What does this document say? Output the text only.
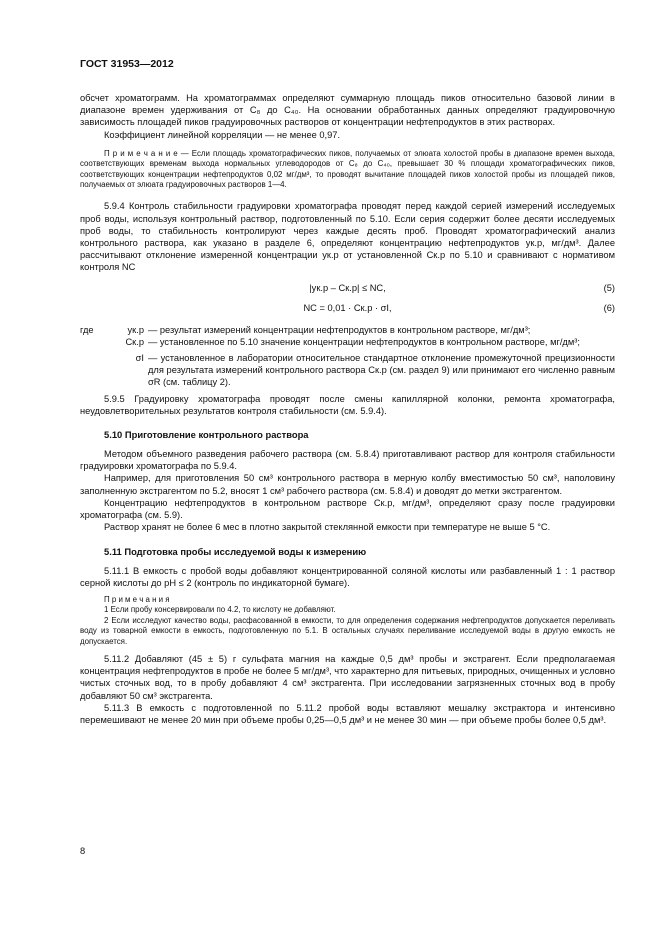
ГОСТ 31953—2012

обсчет хроматограмм. На хроматограммах определяют суммарную площадь пиков относительно базовой линии в диапазоне времен удерживания от C₈ до C₄₀. На основании обработанных данных определяют градуировочную зависимость площадей пиков градуировочных растворов от концентрации нефтепродуктов в этих растворах.

Коэффициент линейной корреляции — не менее 0,97.

П р и м е ч а н и е — Если площадь хроматографических пиков, получаемых от элюата холостой пробы в диапазоне времен выхода, соответствующих временам выхода нормальных углеводородов от C₈ до C₄₀, превышает 30 % площади хроматографических пиков, соответствующих концентрации нефтепродуктов 0,02 мг/дм³, то проводят вычитание площадей пиков холостой пробы из площадей пиков, получаемых от элюата градуировочных растворов 1—4.

5.9.4 Контроль стабильности градуировки хроматографа проводят перед каждой серией измерений исследуемых проб воды, используя контрольный раствор, подготовленный по 5.10. Если серия содержит более десяти исследуемых проб воды, то стабильность контролируют через каждые десять проб. Проводят хроматографический анализ контрольного раствора, как указано в разделе 6, определяют концентрацию нефтепродуктов yк.р, мг/дм³. Далее рассчитывают отклонение измеренной концентрации yк.р от установленной Cк.р по 5.10 и сравнивают с нормативом контроля NC

|yк.р – Cк.р| ≤ NC,	(5)
NC = 0,01 · Cк.р · σI,	(6)
где	yк.р — результат измерений концентрации нефтепродуктов в контрольном растворе, мг/дм³;
Cк.р — установленное по 5.10 значение концентрации нефтепродуктов в контрольном растворе, мг/дм³;
σI — установленное в лаборатории относительное стандартное отклонение промежуточной прецизионности для результата измерений контрольного раствора Cк.р (см. раздел 9) или принимают его численно равным σR (см. таблицу 2).

5.9.5 Градуировку хроматографа проводят после смены капиллярной колонки, ремонта хроматографа, неудовлетворительных результатов контроля стабильности (см. 5.9.4).

5.10 Приготовление контрольного раствора

Методом объемного разведения рабочего раствора (см. 5.8.4) приготавливают раствор для контроля стабильности градуировки хроматографа по 5.9.4.

Например, для приготовления 50 см³ контрольного раствора в мерную колбу вместимостью 50 см³, наполовину заполненную экстрагентом по 5.2, вносят 1 см³ рабочего раствора (см. 5.8.4) и доводят до метки экстрагентом.

Концентрацию нефтепродуктов в контрольном растворе Cк.р, мг/дм³, определяют сразу после градуировки хроматографа (см. 5.9).

Раствор хранят не более 6 мес в плотно закрытой стеклянной емкости при температуре не выше 5 °C.

5.11 Подготовка пробы исследуемой воды к измерению

5.11.1 В емкость с пробой воды добавляют концентрированной соляной кислоты или разбавленный 1 : 1 раствор серной кислоты до pH ≤ 2 (контроль по индикаторной бумаге).

П р и м е ч а н и я

1 Если пробу консервировали по 4.2, то кислоту не добавляют.

2 Если исследуют качество воды, расфасованной в емкости, то для определения содержания нефтепродуктов допускается переливать воду из товарной емкости в емкость, подготовленную по 5.1. В остальных случаях переливание исследуемой воды в другую емкость не допускается.

5.11.2 Добавляют (45 ± 5) г сульфата магния на каждые 0,5 дм³ пробы и экстрагент. Если предполагаемая концентрация нефтепродуктов в пробе не более 5 мг/дм³, что характерно для питьевых, природных, очищенных и условно чистых сточных вод, то в пробу добавляют 4 см³ экстрагента. При исследовании загрязненных сточных вод в пробу добавляют 50 см³ экстрагента.

5.11.3 В емкость с подготовленной по 5.11.2 пробой воды вставляют мешалку экстрактора и интенсивно перемешивают не менее 20 мин при объеме пробы 0,25—0,5 дм³ и не менее 30 мин — при объеме пробы более 0,5 дм³.

8
